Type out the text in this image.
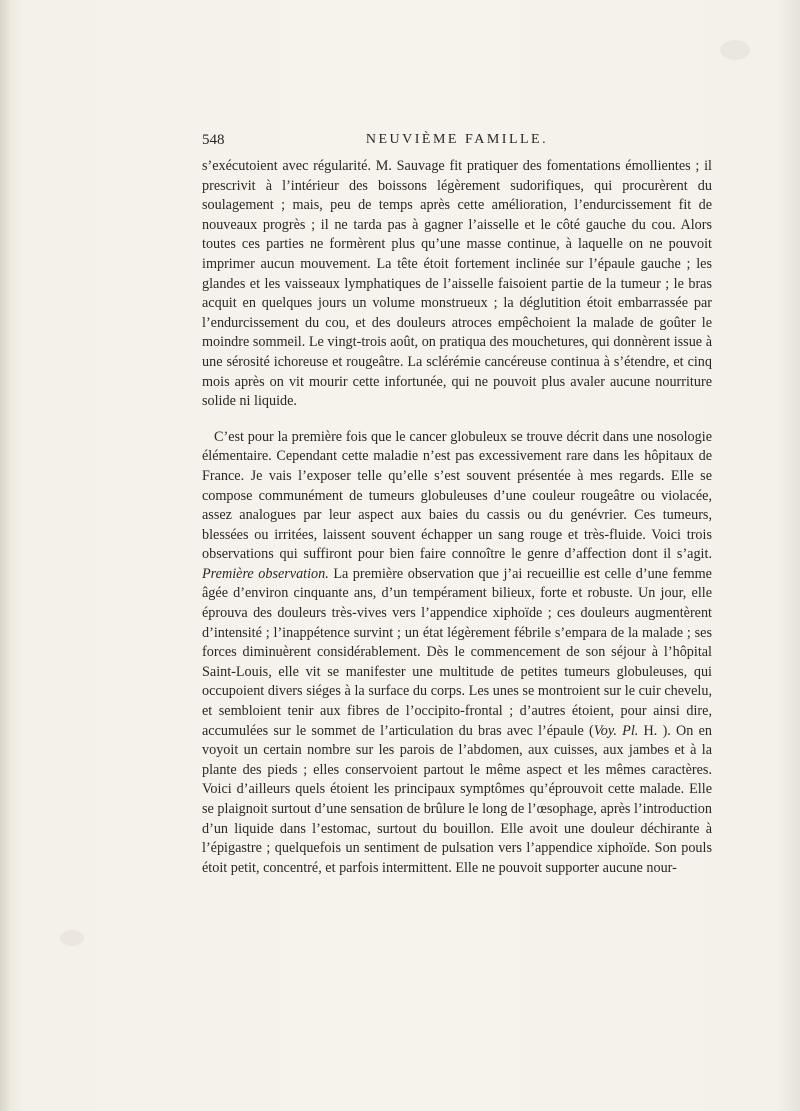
548	NEUVIÈME FAMILLE.

s’exécutoient avec régularité. M. Sauvage fit pratiquer des fomentations émollientes ; il prescrivit à l’intérieur des boissons légèrement sudorifiques, qui procurèrent du soulagement ; mais, peu de temps après cette amélioration, l’endurcissement fit de nouveaux progrès ; il ne tarda pas à gagner l’aisselle et le côté gauche du cou. Alors toutes ces parties ne formèrent plus qu’une masse continue, à laquelle on ne pouvoit imprimer aucun mouvement. La tête étoit fortement inclinée sur l’épaule gauche ; les glandes et les vaisseaux lymphatiques de l’aisselle faisoient partie de la tumeur ; le bras acquit en quelques jours un volume monstrueux ; la déglutition étoit embarrassée par l’endurcissement du cou, et des douleurs atroces empêchoient la malade de goûter le moindre sommeil. Le vingt-trois août, on pratiqua des mouchetures, qui donnèrent issue à une sérosité ichoreuse et rougeâtre. La sclérémie cancéreuse continua à s’étendre, et cinq mois après on vit mourir cette infortunée, qui ne pouvoit plus avaler aucune nourriture solide ni liquide.

C’est pour la première fois que le cancer globuleux se trouve décrit dans une nosologie élémentaire. Cependant cette maladie n’est pas excessivement rare dans les hôpitaux de France. Je vais l’exposer telle qu’elle s’est souvent présentée à mes regards. Elle se compose communément de tumeurs globuleuses d’une couleur rougeâtre ou violacée, assez analogues par leur aspect aux baies du cassis ou du genévrier. Ces tumeurs, blessées ou irritées, laissent souvent échapper un sang rouge et très-fluide. Voici trois observations qui suffiront pour bien faire connoître le genre d’affection dont il s’agit. Première observation. La première observation que j’ai recueillie est celle d’une femme âgée d’environ cinquante ans, d’un tempérament bilieux, forte et robuste. Un jour, elle éprouva des douleurs très-vives vers l’appendice xiphoïde ; ces douleurs augmentèrent d’intensité ; l’inappétence survint ; un état légèrement fébrile s’empara de la malade ; ses forces diminuèrent considérablement. Dès le commencement de son séjour à l’hôpital Saint-Louis, elle vit se manifester une multitude de petites tumeurs globuleuses, qui occupoient divers siéges à la surface du corps. Les unes se montroient sur le cuir chevelu, et sembloient tenir aux fibres de l’occipito-frontal ; d’autres étoient, pour ainsi dire, accumulées sur le sommet de l’articulation du bras avec l’épaule (Voy. Pl. H. ). On en voyoit un certain nombre sur les parois de l’abdomen, aux cuisses, aux jambes et à la plante des pieds ; elles conservoient partout le même aspect et les mêmes caractères. Voici d’ailleurs quels étoient les principaux symptômes qu’éprouvoit cette malade. Elle se plaignoit surtout d’une sensation de brûlure le long de l’œsophage, après l’introduction d’un liquide dans l’estomac, surtout du bouillon. Elle avoit une douleur déchirante à l’épigastre ; quelquefois un sentiment de pulsation vers l’appendice xiphoïde. Son pouls étoit petit, concentré, et parfois intermittent. Elle ne pouvoit supporter aucune nour-
